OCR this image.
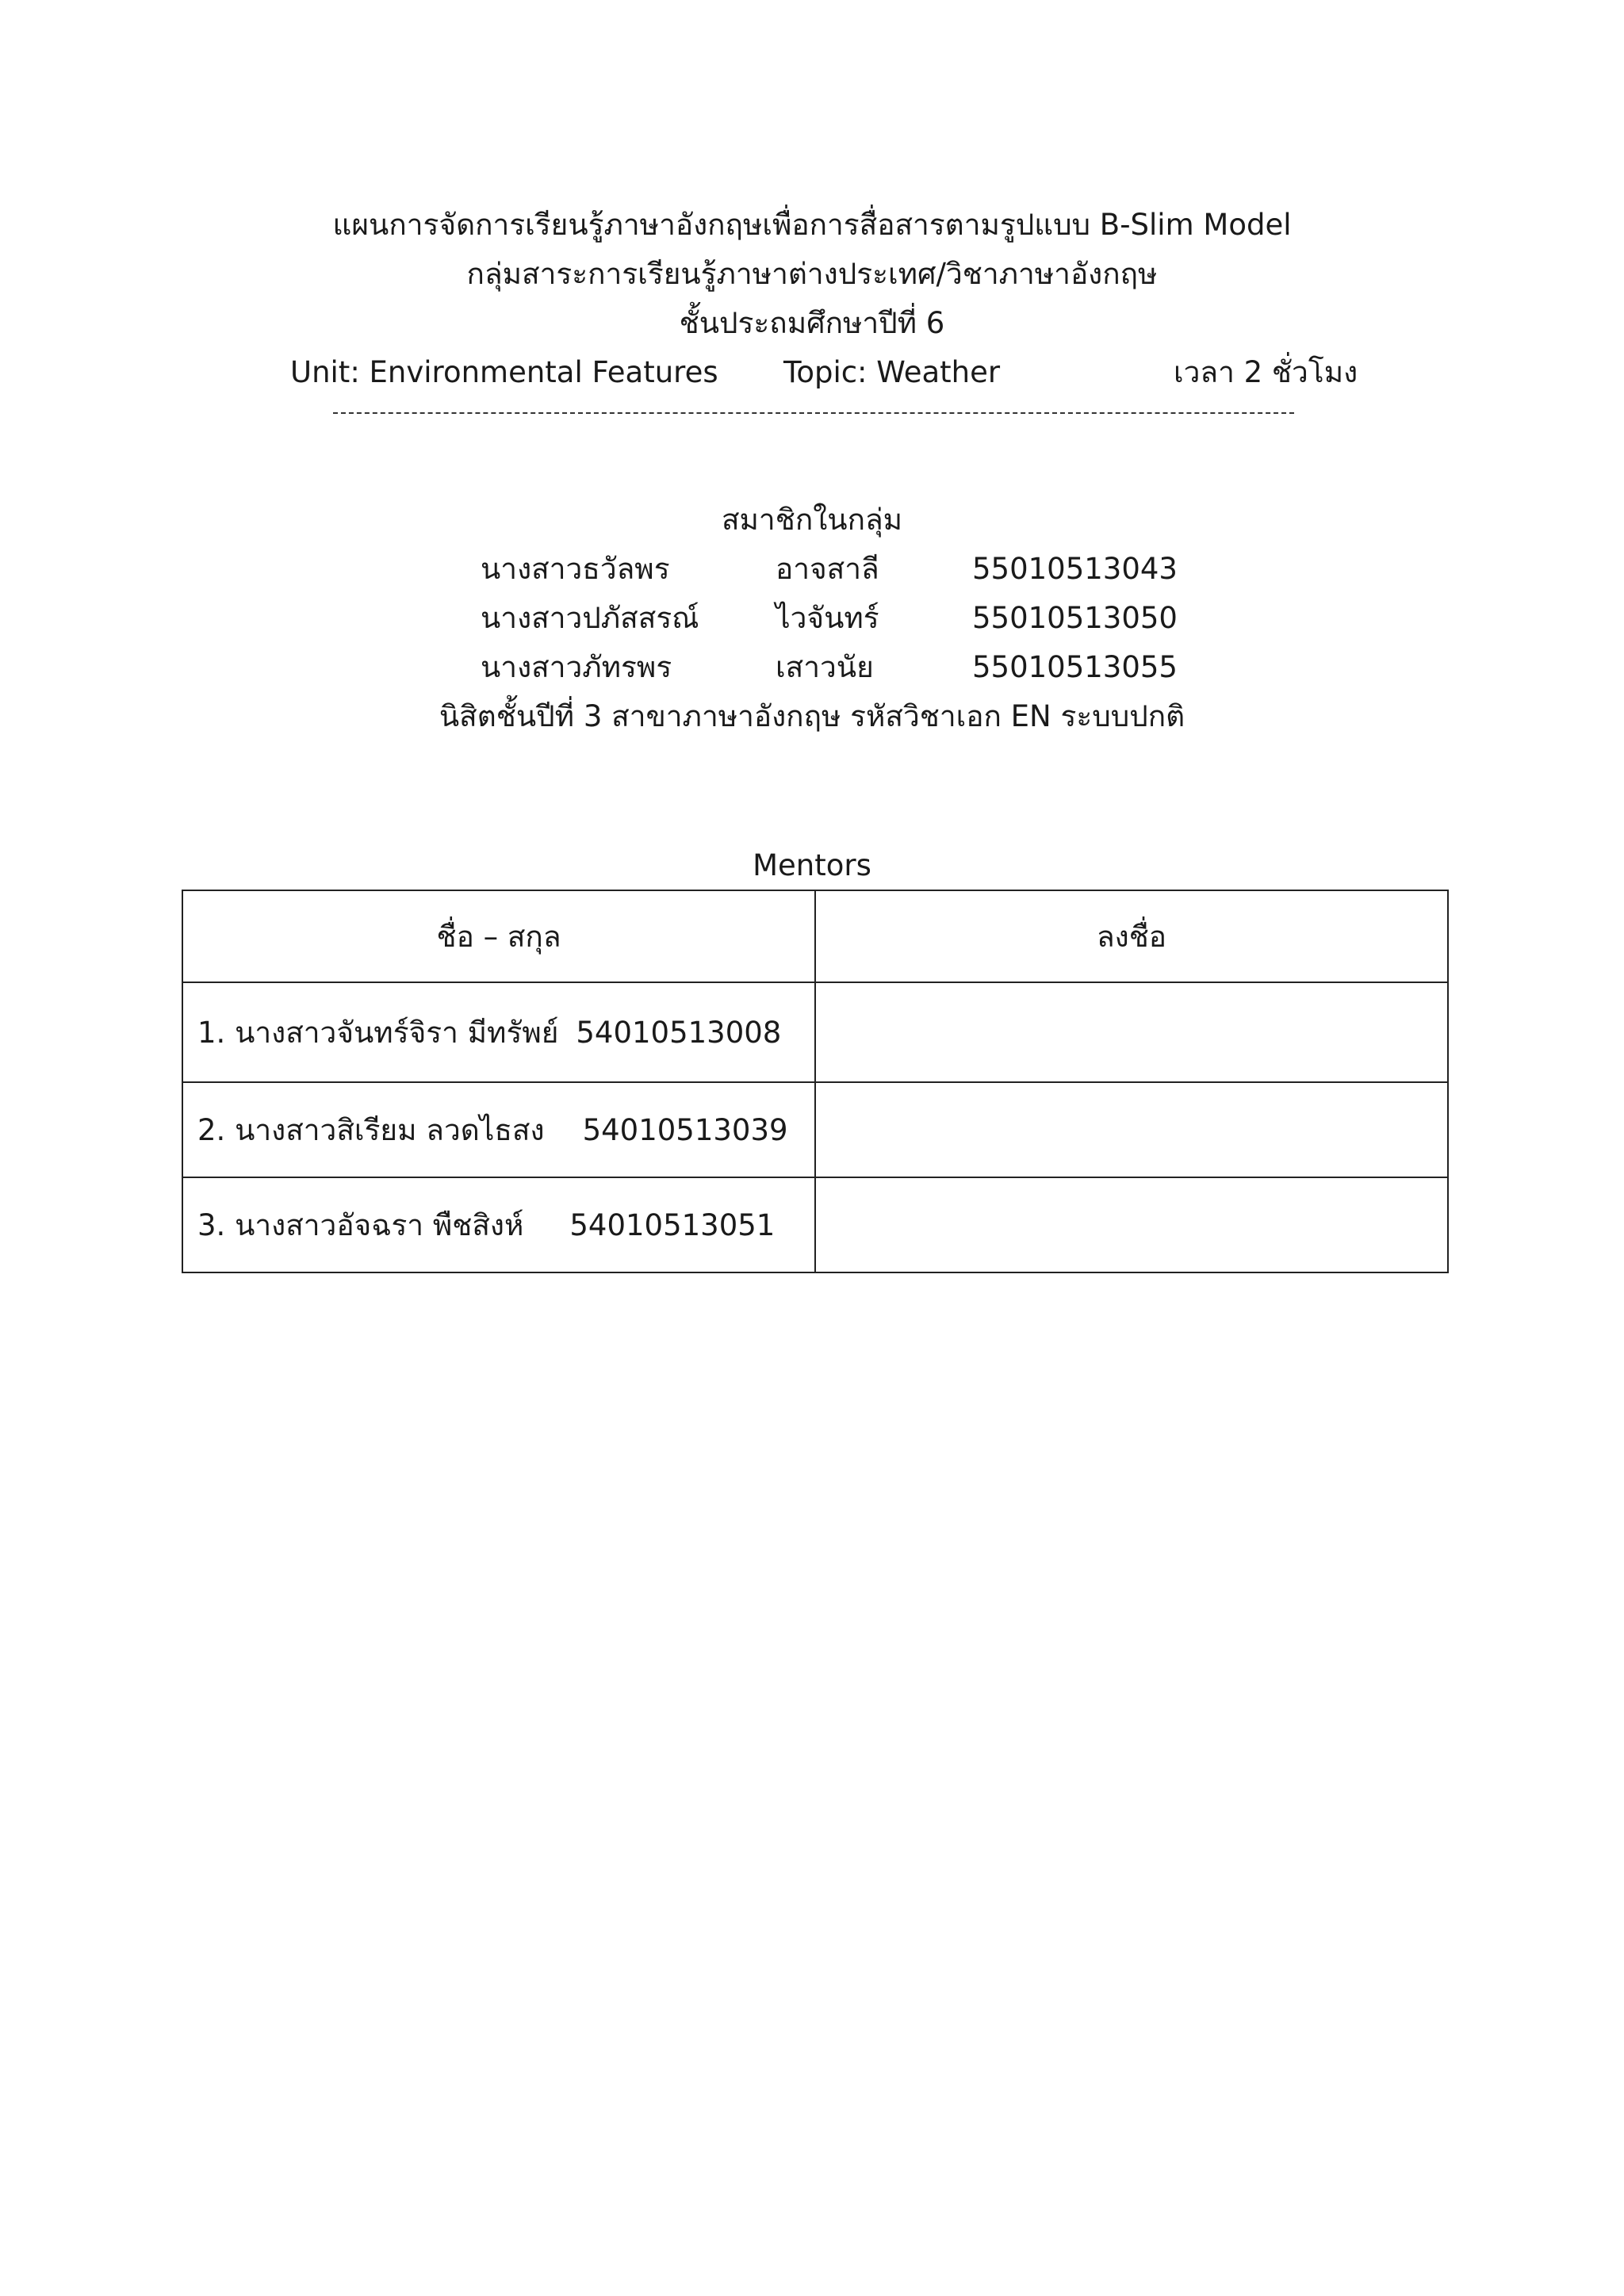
แผนการจัดการเรียนรู้ภาษาอังกฤษเพื่อการสื่อสารตามรูปแบบ B-Slim Model
กลุ่มสาระการเรียนรู้ภาษาต่างประเทศ/วิชาภาษาอังกฤษ
ชั้นประถมศึกษาปีที่ 6
Unit: Environmental Features Topic: Weather	เวลา 2 ชั่วโมง
สมาชิกในกลุ่ม
นางสาวธวัลพร	อาจสาลี	55010513043
นางสาวปภัสสรณ์	ไวจันทร์	55010513050
นางสาวภัทรพร	เสาวนัย	55010513055
นิสิตชั้นปีที่ 3 สาขาภาษาอังกฤษ รหัสวิชาเอก EN ระบบปกติ
Mentors
ชื่อ – สกุล	ลงชื่อ
1. นางสาวจันทร์จิรา มีทรัพย์ 54010513008	
2. นางสาวสิเรียม ลวดไธสง 54010513039	
3. นางสาวอัจฉรา พืชสิงห์ 54010513051	
